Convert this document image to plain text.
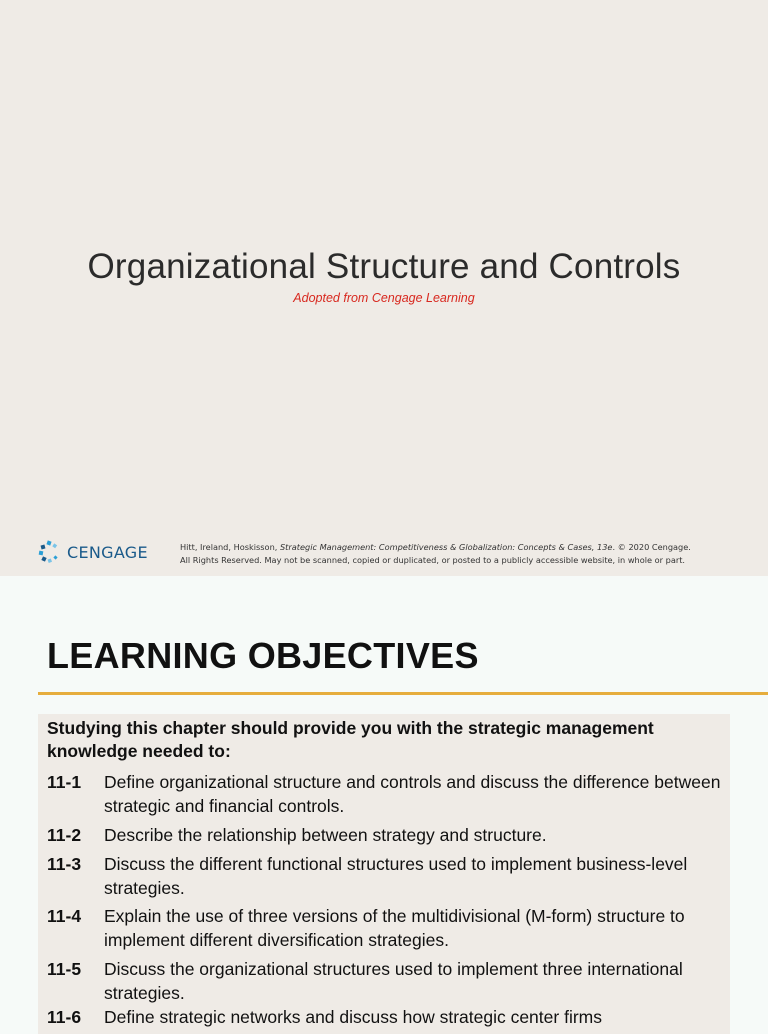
Organizational Structure and Controls
Adopted from Cengage Learning
CENGAGE	Hitt, Ireland, Hoskisson, Strategic Management: Competitiveness & Globalization: Concepts & Cases, 13e. © 2020 Cengage.
All Rights Reserved. May not be scanned, copied or duplicated, or posted to a publicly accessible website, in whole or part.
LEARNING OBJECTIVES
Studying this chapter should provide you with the strategic management knowledge needed to:
11-1 Define organizational structure and controls and discuss the difference between strategic and financial controls.
11-2 Describe the relationship between strategy and structure.
11-3 Discuss the different functional structures used to implement business-level strategies.
11-4 Explain the use of three versions of the multidivisional (M-form) structure to implement different diversification strategies.
11-5 Discuss the organizational structures used to implement three international strategies.
11-6 Define strategic networks and discuss how strategic center firms
